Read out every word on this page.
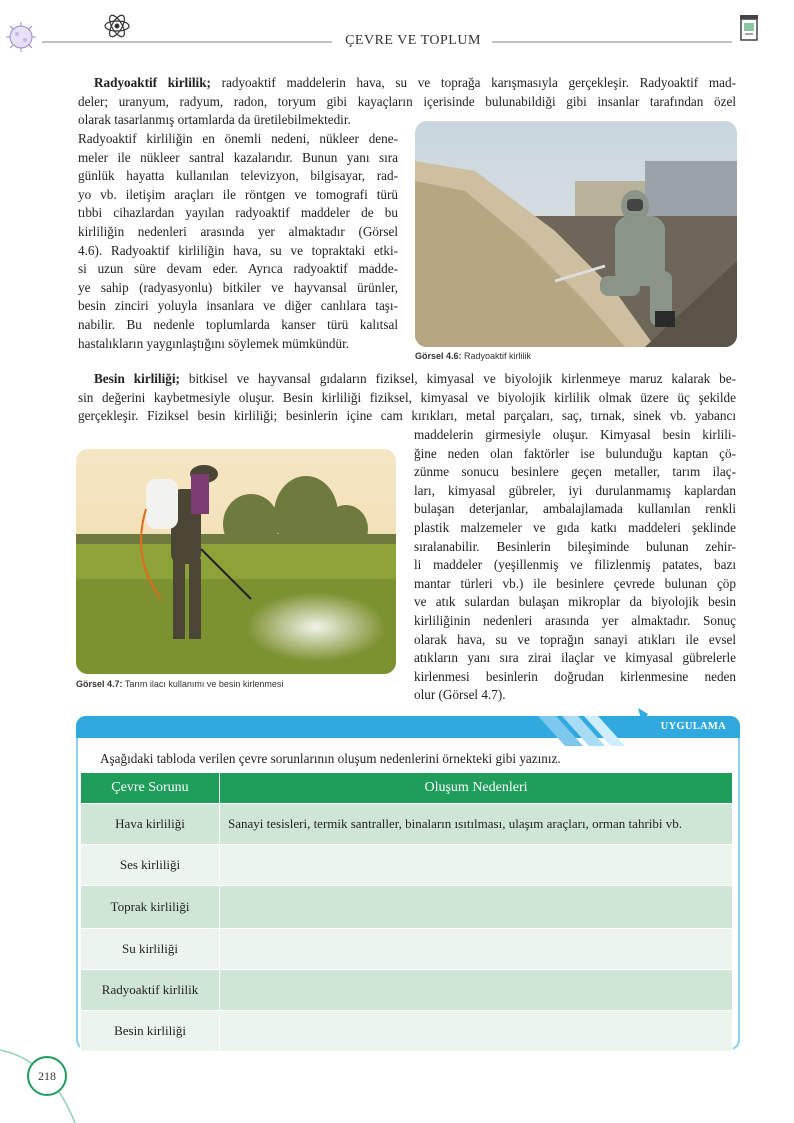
ÇEVRE VE TOPLUM
Radyoaktif kirlilik; radyoaktif maddelerin hava, su ve toprağa karışmasıyla gerçekleşir. Radyoaktif mad-
deler; uranyum, radyum, radon, toryum gibi kayaçların içerisinde bulunabildiği gibi insanlar tarafından özel
olarak tasarlanmış ortamlarda da üretilebilmektedir.
Radyoaktif kirliliğin en önemli nedeni, nükleer dene-
meler ile nükleer santral kazalarıdır. Bunun yanı sıra
günlük hayatta kullanılan televizyon, bilgisayar, rad-
yo vb. iletişim araçları ile röntgen ve tomografi türü
tıbbi cihazlardan yayılan radyoaktif maddeler de bu
kirliliğin nedenleri arasında yer almaktadır (Görsel
4.6). Radyoaktif kirliliğin hava, su ve topraktaki etki-
si uzun süre devam eder. Ayrıca radyoaktif madde-
ye sahip (radyasyonlu) bitkiler ve hayvansal ürünler,
besin zinciri yoluyla insanlara ve diğer canlılara taşı-
nabilir. Bu nedenle toplumlarda kanser türü kalıtsal
hastalıkların yaygınlaştığını söylemek mümkündür.
Görsel 4.6: Radyoaktif kirlilik
Besin kirliliği; bitkisel ve hayvansal gıdaların fiziksel, kimyasal ve biyolojik kirlenmeye maruz kalarak be-
sin değerini kaybetmesiyle oluşur. Besin kirliliği fiziksel, kimyasal ve biyolojik kirlilik olmak üzere üç şekilde
gerçekleşir. Fiziksel besin kirliliği; besinlerin içine cam kırıkları, metal parçaları, saç, tırnak, sinek vb. yabancı
maddelerin girmesiyle oluşur. Kimyasal besin kirlili-
ğine neden olan faktörler ise bulunduğu kaptan çö-
zünme sonucu besinlere geçen metaller, tarım ilaç-
ları, kimyasal gübreler, iyi durulanmamış kaplardan
bulaşan deterjanlar, ambalajlamada kullanılan renkli
plastik malzemeler ve gıda katkı maddeleri şeklinde
sıralanabilir. Besinlerin bileşiminde bulunan zehir-
li maddeler (yeşillenmiş ve filizlenmiş patates, bazı
mantar türleri vb.) ile besinlere çevrede bulunan çöp
ve atık sulardan bulaşan mikroplar da biyolojik besin
kirliliğinin nedenleri arasında yer almaktadır. Sonuç
olarak hava, su ve toprağın sanayi atıkları ile evsel
atıkların yanı sıra zirai ilaçlar ve kimyasal gübrelerle
kirlenmesi besinlerin doğrudan kirlenmesine neden
olur (Görsel 4.7).
Görsel 4.7: Tarım ilacı kullanımı ve besin kirlenmesi
UYGULAMA
Aşağıdaki tabloda verilen çevre sorunlarının oluşum nedenlerini örnekteki gibi yazınız.
Çevre Sorunu	Oluşum Nedenleri
Hava kirliliği	Sanayi tesisleri, termik santraller, binaların ısıtılması, ulaşım araçları, orman tahribi vb.
Ses kirliliği	
Toprak kirliliği	
Su kirliliği	
Radyoaktif kirlilik	
Besin kirliliği	
218
